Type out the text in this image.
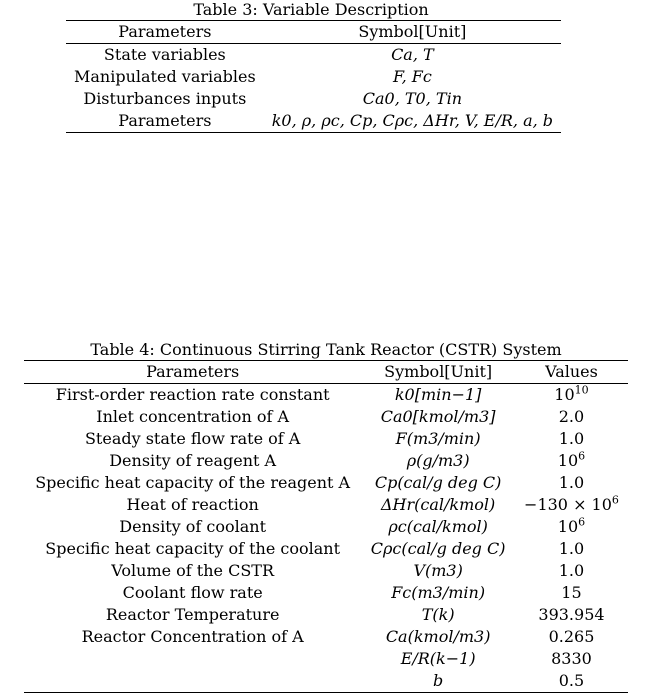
Table 3: Variable Description
Parameters	Symbol[Unit]
State variables	Ca, T
Manipulated variables	F, Fc
Disturbances inputs	Ca0, T0, Tin
Parameters	k0, ρ, ρc, Cp, Cρc, ΔHr, V, E/R, a, b
Table 4: Continuous Stirring Tank Reactor (CSTR) System
Parameters	Symbol[Unit]	Values
First-order reaction rate constant	k0[min−1]	$10^{10}$
Inlet concentration of A	Ca0[kmol/m3]	2.0
Steady state flow rate of A	F(m3/min)	1.0
Density of reagent A	ρ(g/m3)	$10^6$
Specific heat capacity of the reagent A	Cp(cal/g deg C)	1.0
Heat of reaction	ΔHr(cal/kmol)	$-130 \times 10^6$
Density of coolant	ρc(cal/kmol)	$10^6$
Specific heat capacity of the coolant	Cρc(cal/g deg C)	1.0
Volume of the CSTR	V(m3)	1.0
Coolant flow rate	Fc(m3/min)	15
Reactor Temperature	T(k)	393.954
Reactor Concentration of A	Ca(kmol/m3)	0.265
	E/R(k−1)	8330
	b	0.5
